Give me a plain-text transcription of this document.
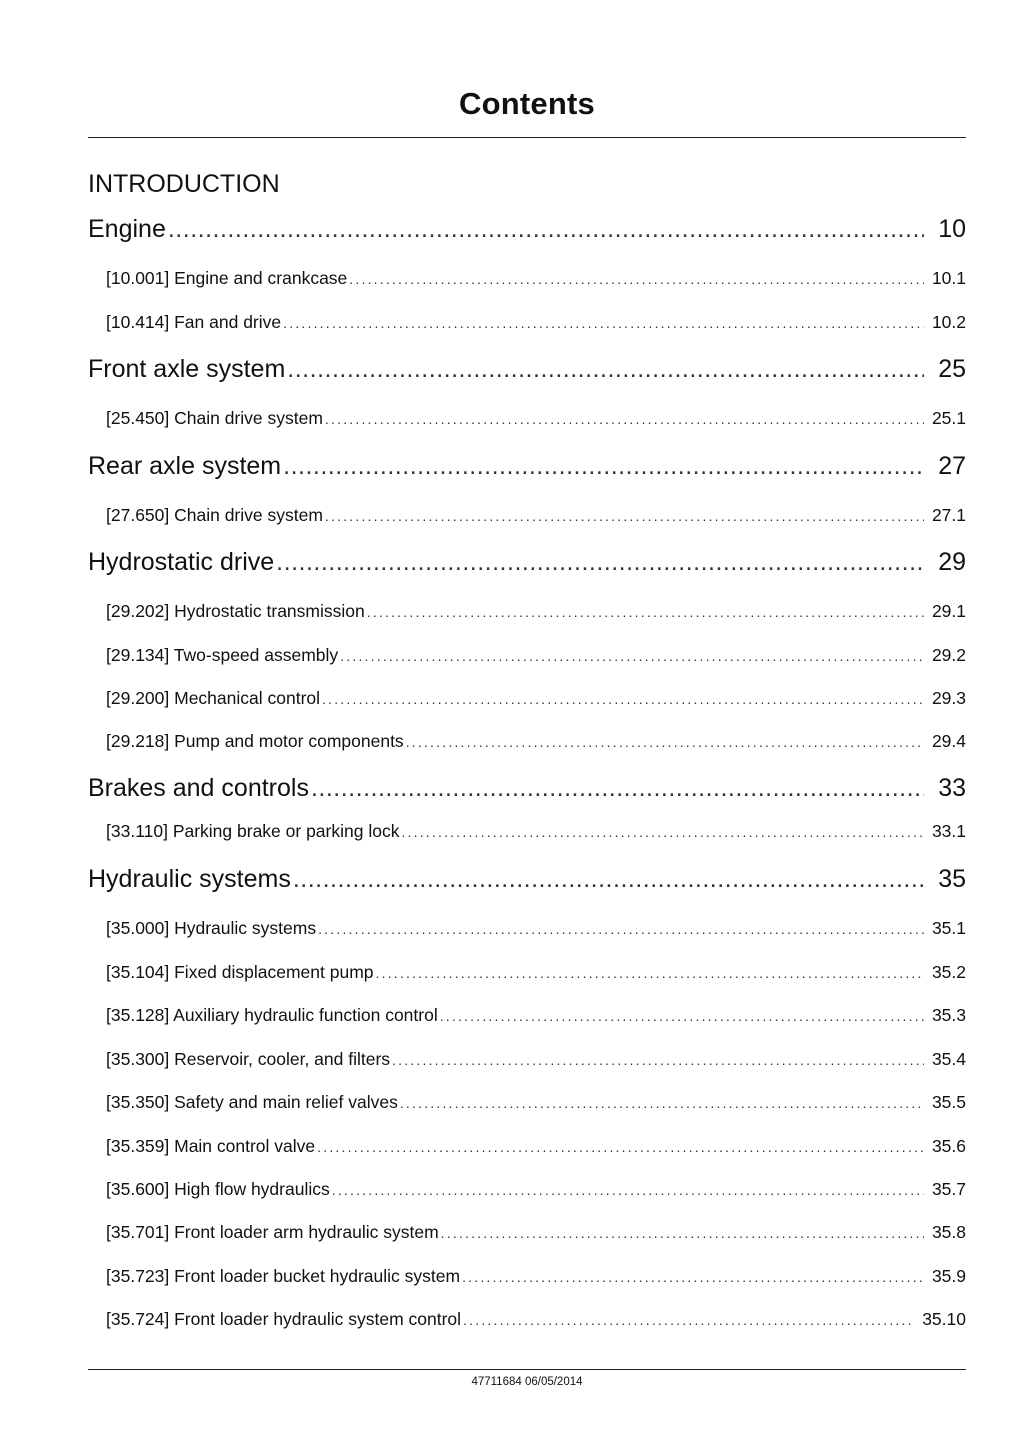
Contents
INTRODUCTION
Engine .....	10
[10.001] Engine and crankcase .....	10.1
[10.414] Fan and drive .....	10.2
Front axle system .....	25
[25.450] Chain drive system .....	25.1
Rear axle system .....	27
[27.650] Chain drive system .....	27.1
Hydrostatic drive .....	29
[29.202] Hydrostatic transmission .....	29.1
[29.134] Two-speed assembly .....	29.2
[29.200] Mechanical control .....	29.3
[29.218] Pump and motor components .....	29.4
Brakes and controls .....	33
[33.110] Parking brake or parking lock .....	33.1
Hydraulic systems .....	35
[35.000] Hydraulic systems .....	35.1
[35.104] Fixed displacement pump .....	35.2
[35.128] Auxiliary hydraulic function control .....	35.3
[35.300] Reservoir, cooler, and filters .....	35.4
[35.350] Safety and main relief valves .....	35.5
[35.359] Main control valve .....	35.6
[35.600] High flow hydraulics .....	35.7
[35.701] Front loader arm hydraulic system .....	35.8
[35.723] Front loader bucket hydraulic system .....	35.9
[35.724] Front loader hydraulic system control .....	35.10

47711684 06/05/2014
